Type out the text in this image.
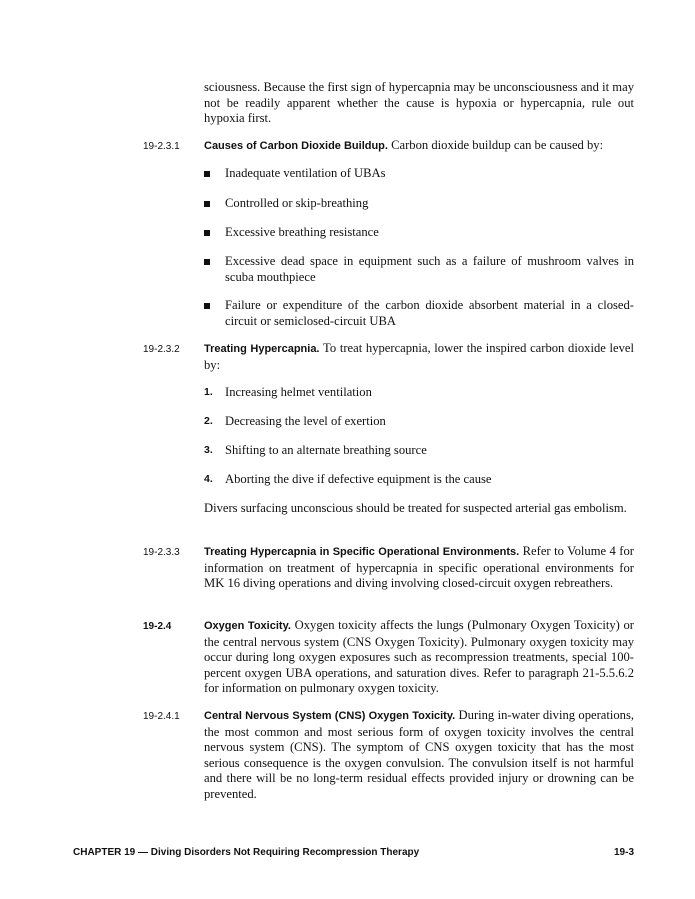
sciousness. Because the first sign of hypercapnia may be unconsciousness and it may not be readily apparent whether the cause is hypoxia or hypercapnia, rule out hypoxia first.
19-2.3.1 Causes of Carbon Dioxide Buildup. Carbon dioxide buildup can be caused by:
Inadequate ventilation of UBAs
Controlled or skip-breathing
Excessive breathing resistance
Excessive dead space in equipment such as a failure of mushroom valves in scuba mouthpiece
Failure or expenditure of the carbon dioxide absorbent material in a closed-circuit or semiclosed-circuit UBA
19-2.3.2 Treating Hypercapnia. To treat hypercapnia, lower the inspired carbon dioxide level by:
1. Increasing helmet ventilation
2. Decreasing the level of exertion
3. Shifting to an alternate breathing source
4. Aborting the dive if defective equipment is the cause
Divers surfacing unconscious should be treated for suspected arterial gas embolism.
19-2.3.3 Treating Hypercapnia in Specific Operational Environments. Refer to Volume 4 for information on treatment of hypercapnia in specific operational environments for MK 16 diving operations and diving involving closed-circuit oxygen rebreathers.
19-2.4	Oxygen Toxicity. Oxygen toxicity affects the lungs (Pulmonary Oxygen Toxicity) or the central nervous system (CNS Oxygen Toxicity). Pulmonary oxygen toxicity may occur during long oxygen exposures such as recompression treatments, special 100-percent oxygen UBA operations, and saturation dives. Refer to paragraph 21-5.5.6.2 for information on pulmonary oxygen toxicity.
19-2.4.1 Central Nervous System (CNS) Oxygen Toxicity. During in-water diving operations, the most common and most serious form of oxygen toxicity involves the central nervous system (CNS). The symptom of CNS oxygen toxicity that has the most serious consequence is the oxygen convulsion. The convulsion itself is not harmful and there will be no long-term residual effects provided injury or drowning can be prevented.
CHAPTER 19 — Diving Disorders Not Requiring Recompression Therapy	19-3
